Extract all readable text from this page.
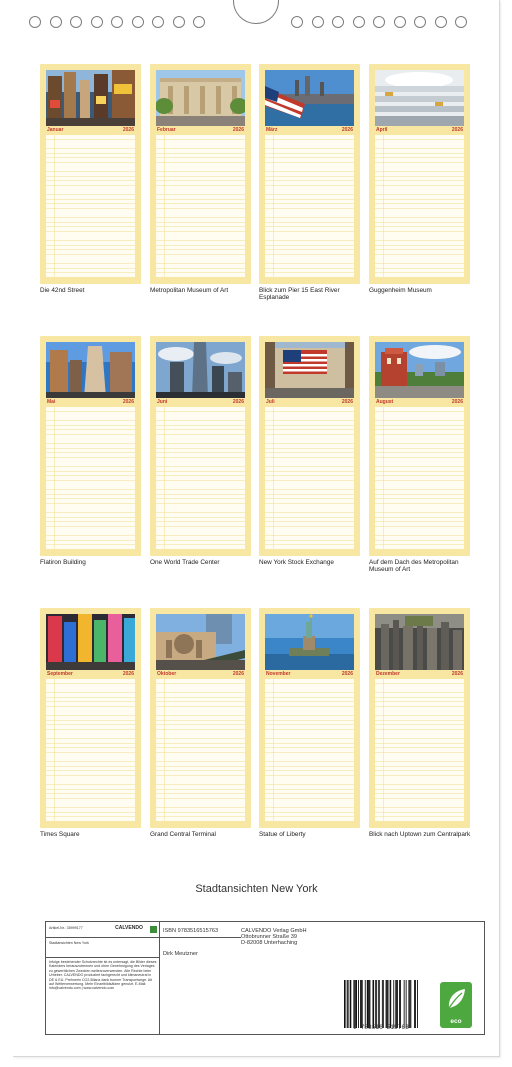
Januar	2026
Die 42nd Street
Februar	2026
Metropolitan Museum of Art
März	2026
Blick zum Pier 15 East River Esplanade
April	2026
Guggenheim Museum
Mai	2026
Flatiron Building
Juni	2026
One World Trade Center
Juli	2026
New York Stock Exchange
August	2026
Auf dem Dach des Metropolitan Museum of Art
September	2026
Times Square
Oktober	2026
Grand Central Terminal
November	2026
Statue of Liberty
Dezember	2026
Blick nach Uptown zum Centralpark
Stadtansichten New York
Artikel-Nr.: 35999177	CALVENDO
Stadtansichten New York
Infolge bestehender Schutzrechte ist es untersagt, die Bilder dieses Kalenders herauszutrennen und ohne Genehmigung des Verlages zu gewerblichen Zwecken weiterzuverwenden. Alle Rechte beim Urheber. CALVENDO produziert fachgerecht und klimaneutral in DE & EU. Prehnerin CO2-Bilanz dank bonner Transportwege. Alt auf Weiterverwertung. Mehr Einzelbildsätzen genutzt. E-Mail: info@calvendo.com | www.calvendo.com
ISBN 9783516515763
Dirk Meutzner
CALVENDO Verlag GmbH
Ottobrunner Straße 39
D-82008 Unterhaching
9 783516 515763
eco
